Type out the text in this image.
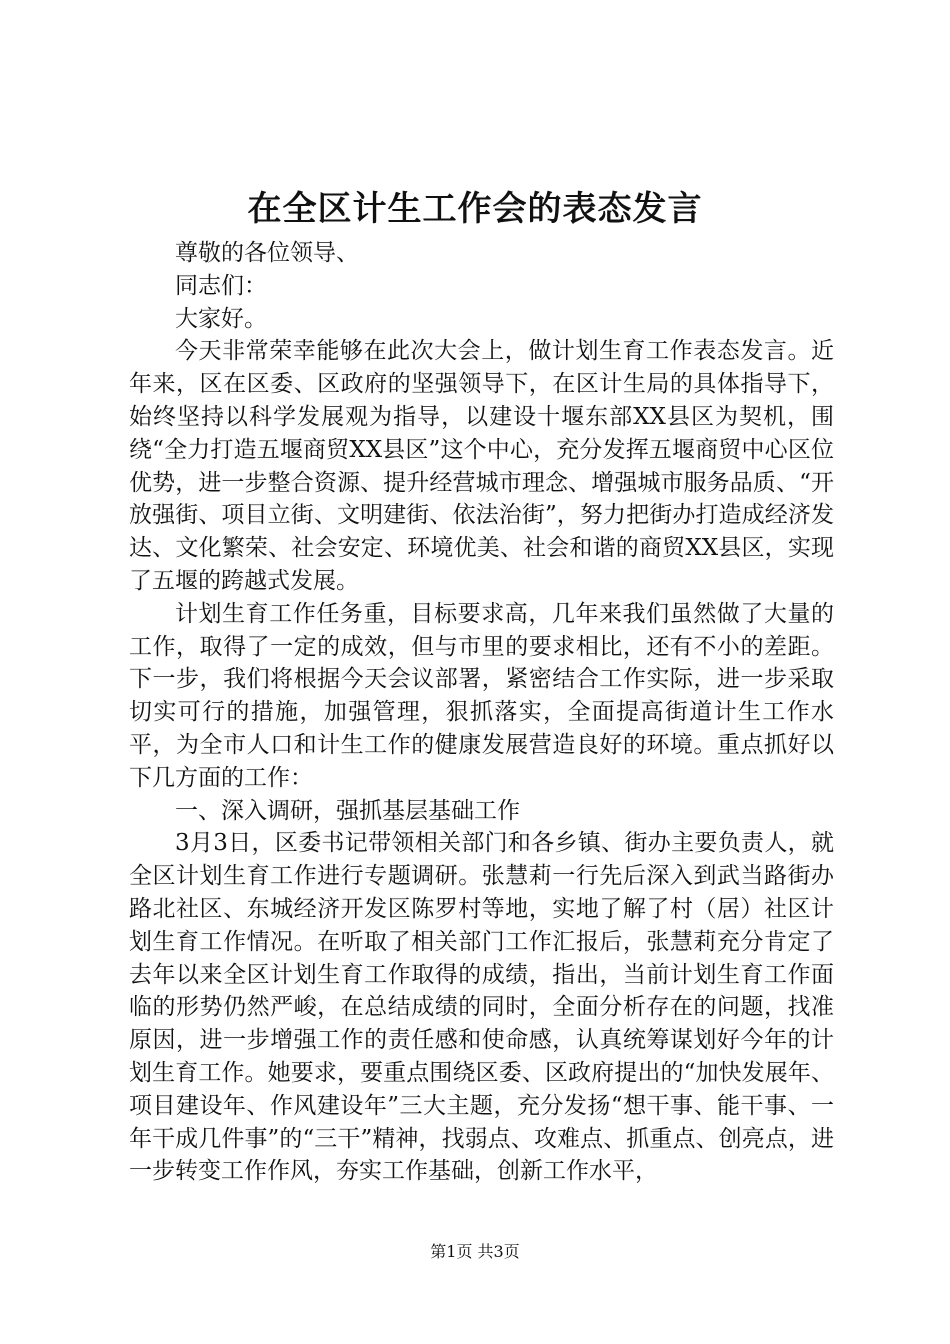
在全区计生工作会的表态发言

尊敬的各位领导、

同志们：

大家好。

今天非常荣幸能够在此次大会上，做计划生育工作表态发言。近年来，区在区委、区政府的坚强领导下，在区计生局的具体指导下，始终坚持以科学发展观为指导，以建设十堰东部XX县区为契机，围绕“全力打造五堰商贸XX县区”这个中心，充分发挥五堰商贸中心区位优势，进一步整合资源、提升经营城市理念、增强城市服务品质、“开放强街、项目立街、文明建街、依法治街”，努力把街办打造成经济发达、文化繁荣、社会安定、环境优美、社会和谐的商贸XX县区，实现了五堰的跨越式发展。

计划生育工作任务重，目标要求高，几年来我们虽然做了大量的工作，取得了一定的成效，但与市里的要求相比，还有不小的差距。下一步，我们将根据今天会议部署，紧密结合工作实际，进一步采取切实可行的措施，加强管理，狠抓落实，全面提高街道计生工作水平，为全市人口和计生工作的健康发展营造良好的环境。重点抓好以下几方面的工作：

一、深入调研，强抓基层基础工作

3月3日，区委书记带领相关部门和各乡镇、街办主要负责人，就全区计划生育工作进行专题调研。张慧莉一行先后深入到武当路街办路北社区、东城经济开发区陈罗村等地，实地了解了村（居）社区计划生育工作情况。在听取了相关部门工作汇报后，张慧莉充分肯定了去年以来全区计划生育工作取得的成绩，指出，当前计划生育工作面临的形势仍然严峻，在总结成绩的同时，全面分析存在的问题，找准原因，进一步增强工作的责任感和使命感，认真统筹谋划好今年的计划生育工作。她要求，要重点围绕区委、区政府提出的“加快发展年、项目建设年、作风建设年”三大主题，充分发扬“想干事、能干事、一年干成几件事”的“三干”精神，找弱点、攻难点、抓重点、创亮点，进一步转变工作作风，夯实工作基础，创新工作水平，

第1页 共3页
